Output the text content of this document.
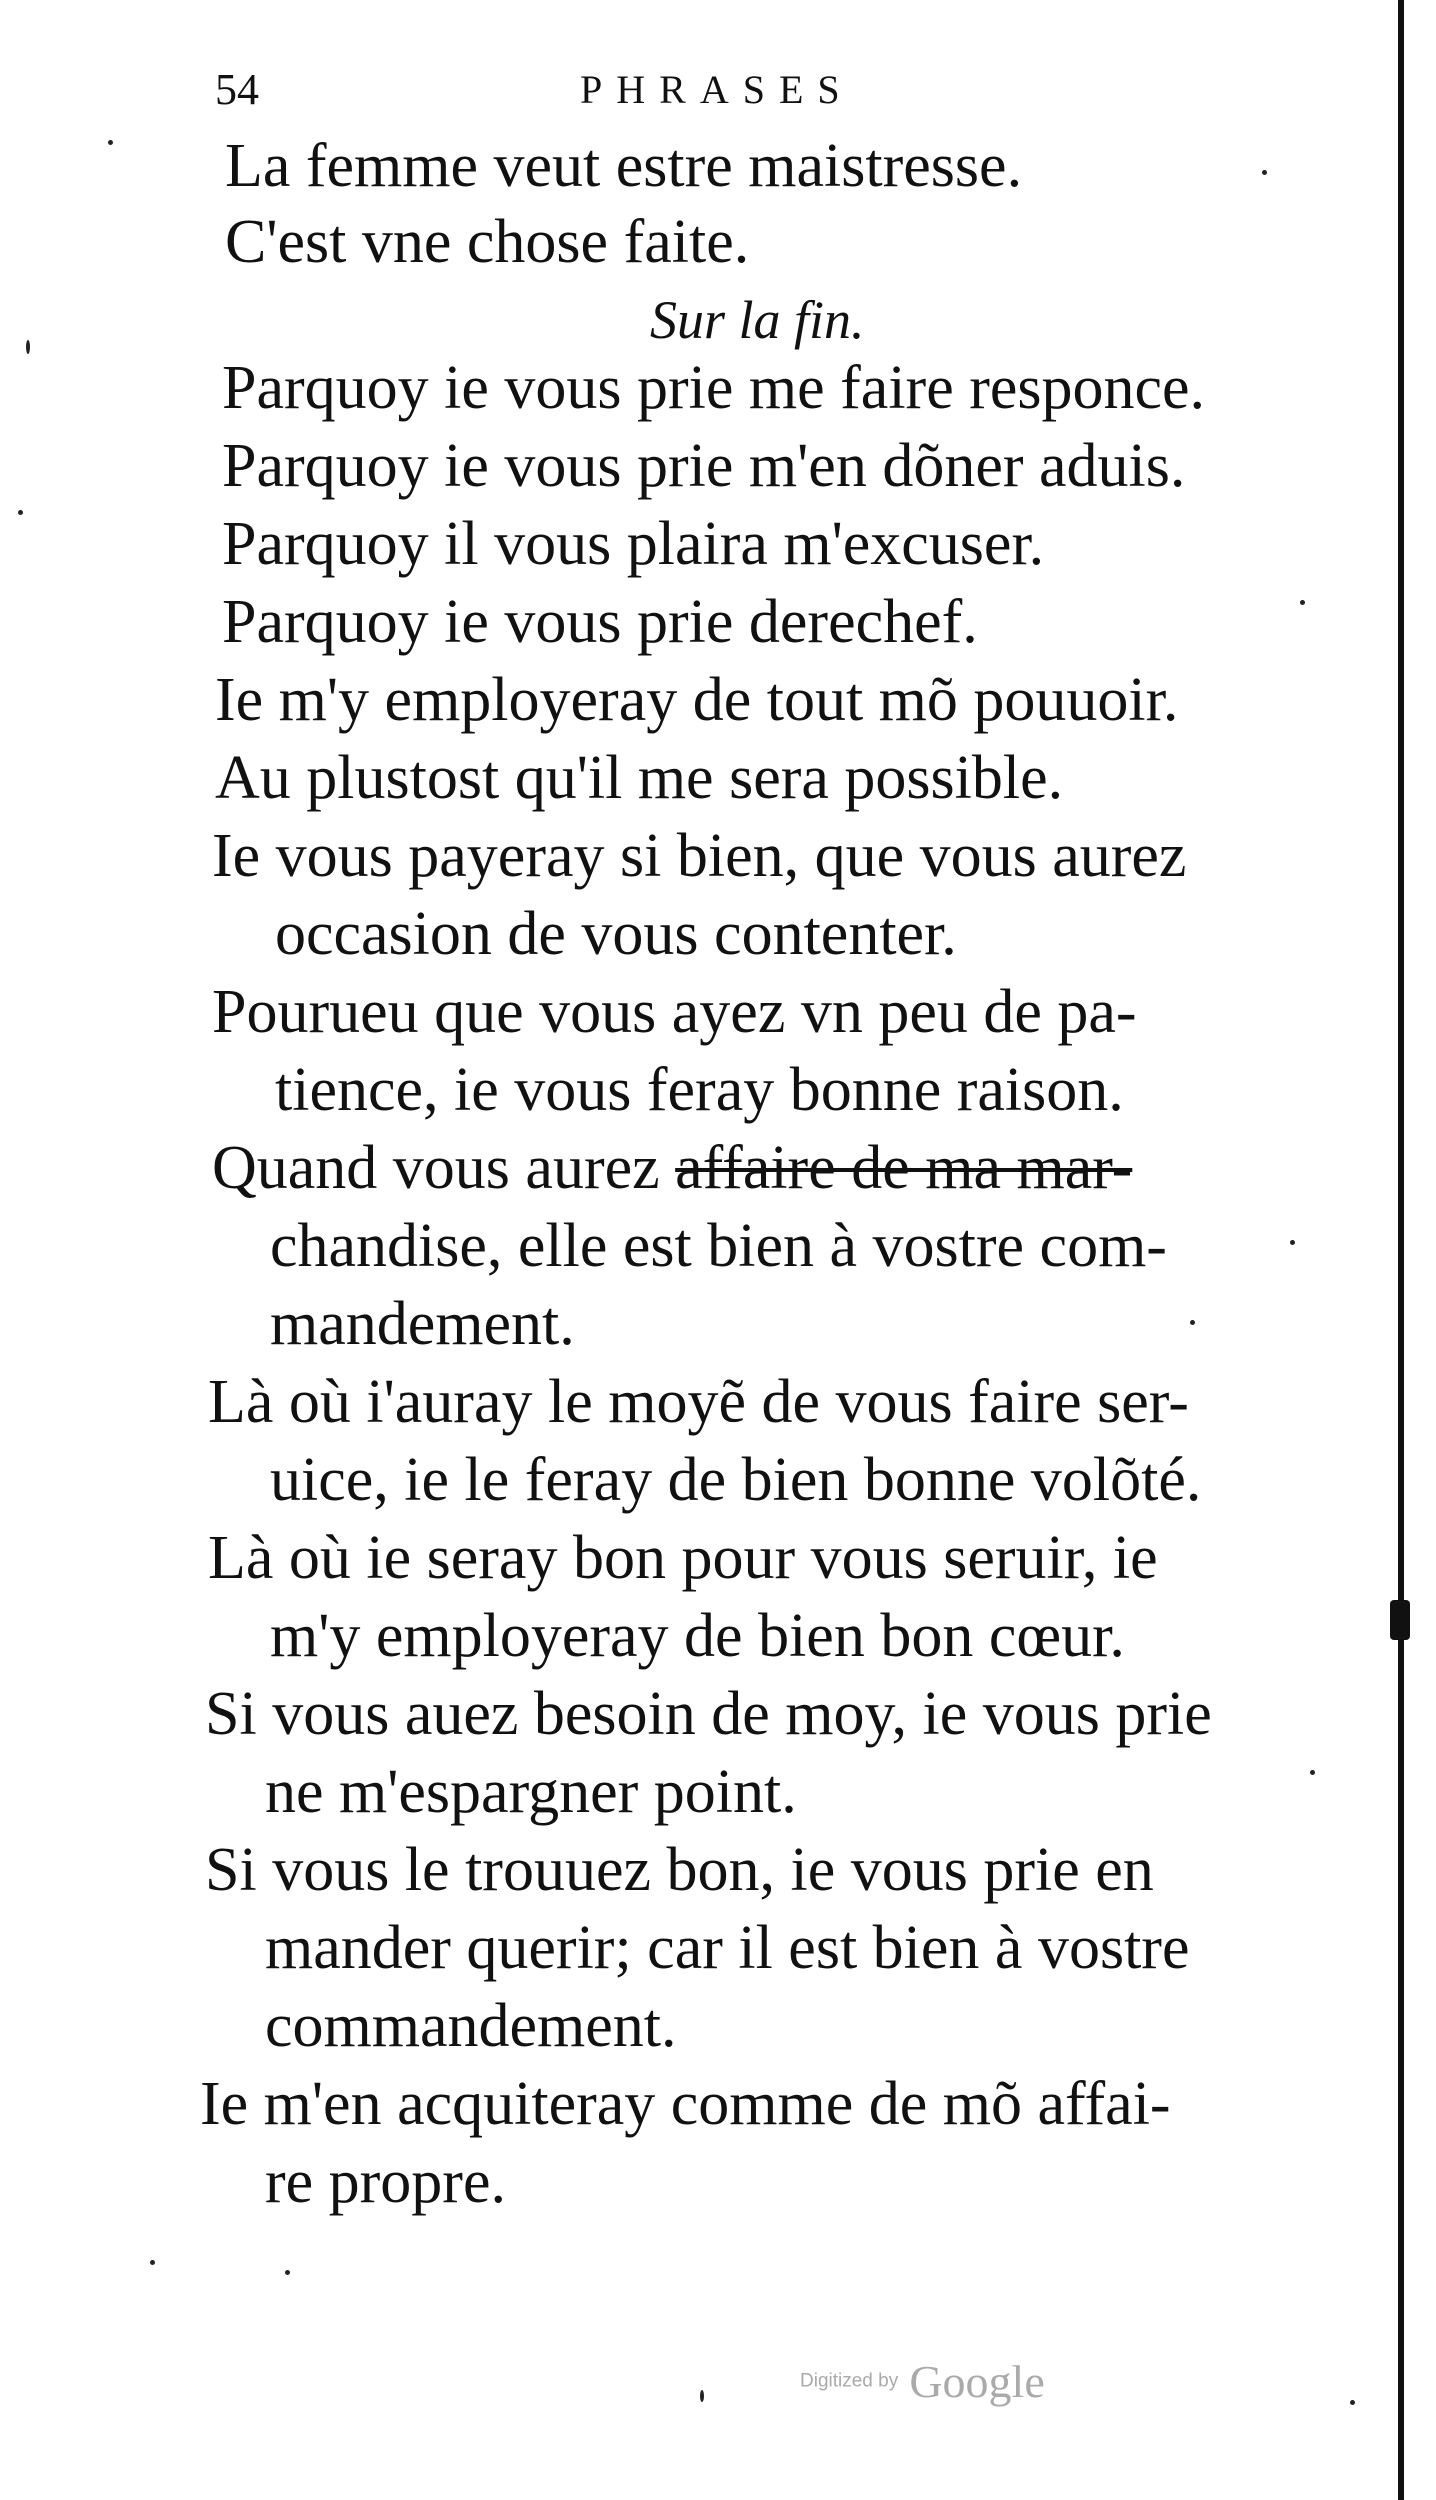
54	PHRASES
La femme veut estre maistresse.
C'est vne chose faite.
Sur la fin.
Parquoy ie vous prie me faire responce.
Parquoy ie vous prie m'en dõner aduis.
Parquoy il vous plaira m'excuser.
Parquoy ie vous prie derechef.
Ie m'y employeray de tout mõ pouuoir.
Au plustost qu'il me sera possible.
Ie vous payeray si bien, que vous aurez
occasion de vous contenter.
Pourueu que vous ayez vn peu de pa-
tience, ie vous feray bonne raison.
Quand vous aurez affaire de ma mar-
chandise, elle est bien à vostre com-
mandement.
Là où i'auray le moyẽ de vous faire ser-
uice, ie le feray de bien bonne volõté.
Là où ie seray bon pour vous seruir, ie
m'y employeray de bien bon cœur.
Si vous auez besoin de moy, ie vous prie
ne m'espargner point.
Si vous le trouuez bon, ie vous prie en
mander querir; car il est bien à vostre
commandement.
Ie m'en acquiteray comme de mõ affai-
re propre.
Digitized by Google
